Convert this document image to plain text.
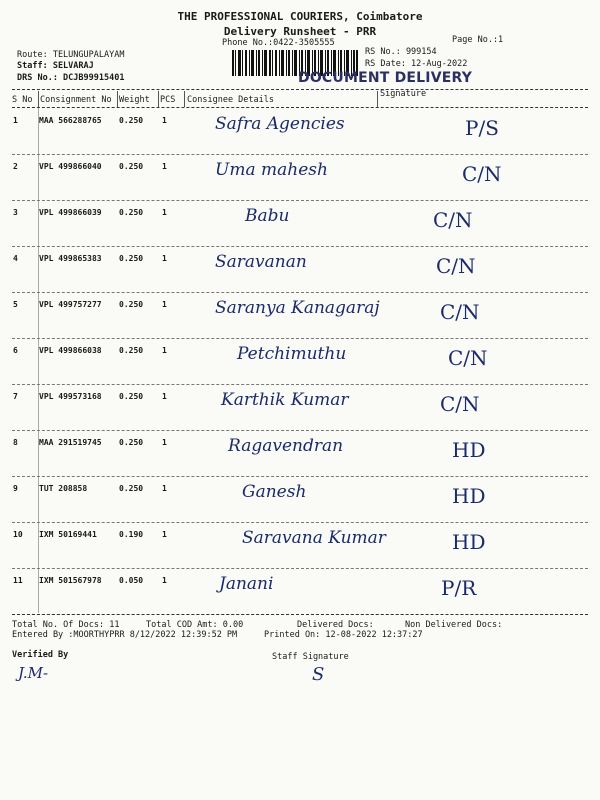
THE PROFESSIONAL COURIERS, Coimbatore
Delivery Runsheet - PRR
Phone No.:0422-3505555	Page No.:1
Route: TELUNGUPALAYAM
Staff: SELVARAJ
DRS No.: DCJB99915401
RS No.: 999154
RS Date: 12-Aug-2022
DOCUMENT DELIVERY
S No Consignment No Weight PCS Consignee Details
Signature
1	MAA 566288765 0.250 1	Safra Agencies	P/S
2	VPL 499866040 0.250 1	Uma mahesh	C/N
3	VPL 499866039 0.250 1	Babu	C/N
4	VPL 499865383 0.250 1	Saravanan	C/N
5	VPL 499757277 0.250 1	Saranya Kanagaraj	C/N
6	VPL 499866038 0.250 1	Petchimuthu	C/N
7	VPL 499573168 0.250 1	Karthik Kumar	C/N
8	MAA 291519745 0.250 1	Ragavendran	HD
9	TUT 208858	0.250 1	Ganesh	HD
10 IXM 50169441	0.190 1	Saravana Kumar	HD
11 IXM 501567978 0.050 1	Janani	P/R
Total No. Of Docs: 11	Total COD Amt: 0.00	Delivered Docs:	Non Delivered Docs:
Entered By :MOORTHYPRR 8/12/2022 12:39:52 PM	Printed On: 12-08-2022 12:37:27
Verified By
J.M-
Staff Signature
S
